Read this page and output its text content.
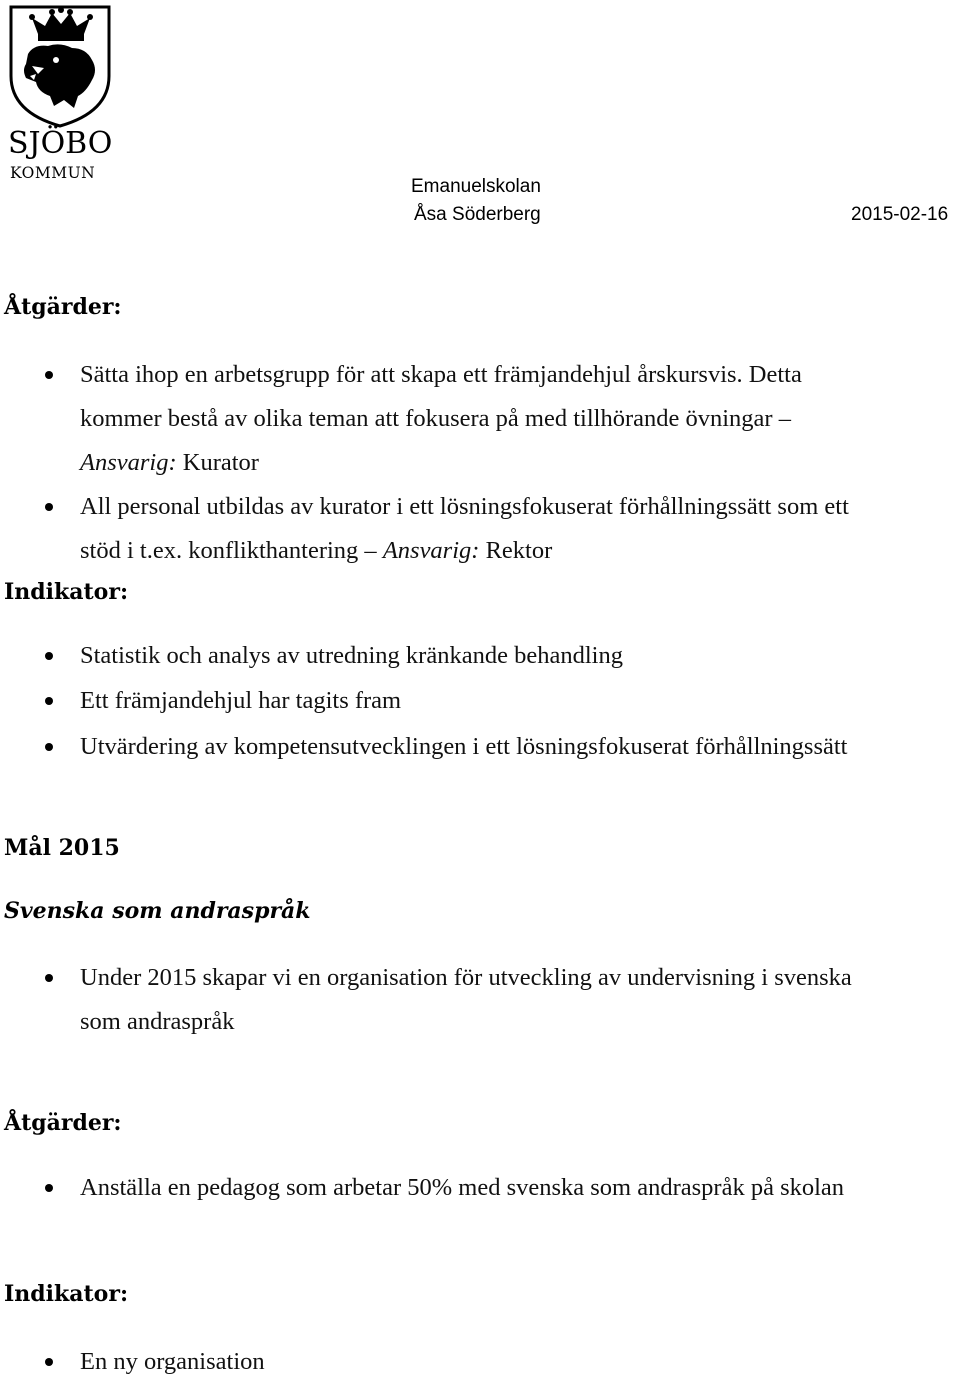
SJÖBO
KOMMUN
Emanuelskolan
Åsa Söderberg	2015-02-16
Åtgärder:
Sätta ihop en arbetsgrupp för att skapa ett främjandehjul årskursvis. Detta
kommer bestå av olika teman att fokusera på med tillhörande övningar –
Ansvarig: Kurator
All personal utbildas av kurator i ett lösningsfokuserat förhållningssätt som ett
stöd i t.ex. konflikthantering – Ansvarig: Rektor
Indikator:
Statistik och analys av utredning kränkande behandling
Ett främjandehjul har tagits fram
Utvärdering av kompetensutvecklingen i ett lösningsfokuserat förhållningssätt
Mål 2015
Svenska som andraspråk
Under 2015 skapar vi en organisation för utveckling av undervisning i svenska
som andraspråk
Åtgärder:
Anställa en pedagog som arbetar 50% med svenska som andraspråk på skolan
Indikator:
En ny organisation
